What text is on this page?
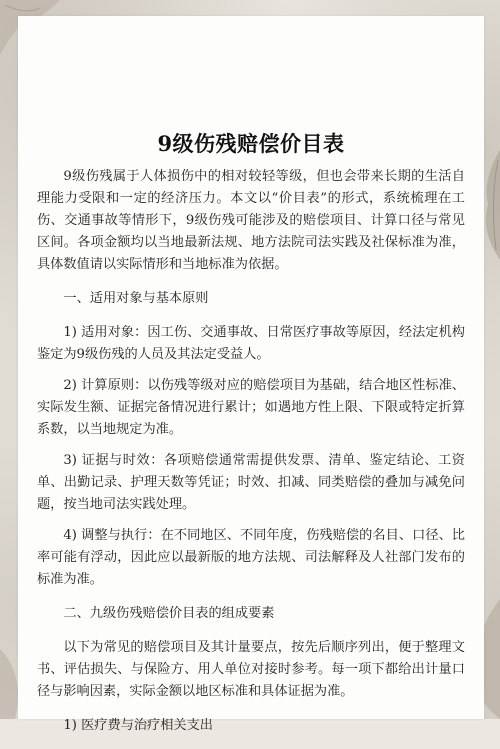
9级伤残赔偿价目表

9级伤残属于人体损伤中的相对较轻等级，但也会带来长期的生活自理能力受限和一定的经济压力。本文以“价目表”的形式，系统梳理在工伤、交通事故等情形下，9级伤残可能涉及的赔偿项目、计算口径与常见区间。各项金额均以当地最新法规、地方法院司法实践及社保标准为准，具体数值请以实际情形和当地标准为依据。

一、适用对象与基本原则

1) 适用对象：因工伤、交通事故、日常医疗事故等原因，经法定机构鉴定为9级伤残的人员及其法定受益人。

2) 计算原则：以伤残等级对应的赔偿项目为基础，结合地区性标准、实际发生额、证据完备情况进行累计；如遇地方性上限、下限或特定折算系数，以当地规定为准。

3) 证据与时效：各项赔偿通常需提供发票、清单、鉴定结论、工资单、出勤记录、护理天数等凭证；时效、扣减、同类赔偿的叠加与减免问题，按当地司法实践处理。

4) 调整与执行：在不同地区、不同年度，伤残赔偿的名目、口径、比率可能有浮动，因此应以最新版的地方法规、司法解释及人社部门发布的标准为准。

二、九级伤残赔偿价目表的组成要素

以下为常见的赔偿项目及其计量要点，按先后顺序列出，便于整理文书、评估损失、与保险方、用人单位对接时参考。每一项下都给出计量口径与影响因素，实际金额以地区标准和具体证据为准。

1) 医疗费与治疗相关支出
